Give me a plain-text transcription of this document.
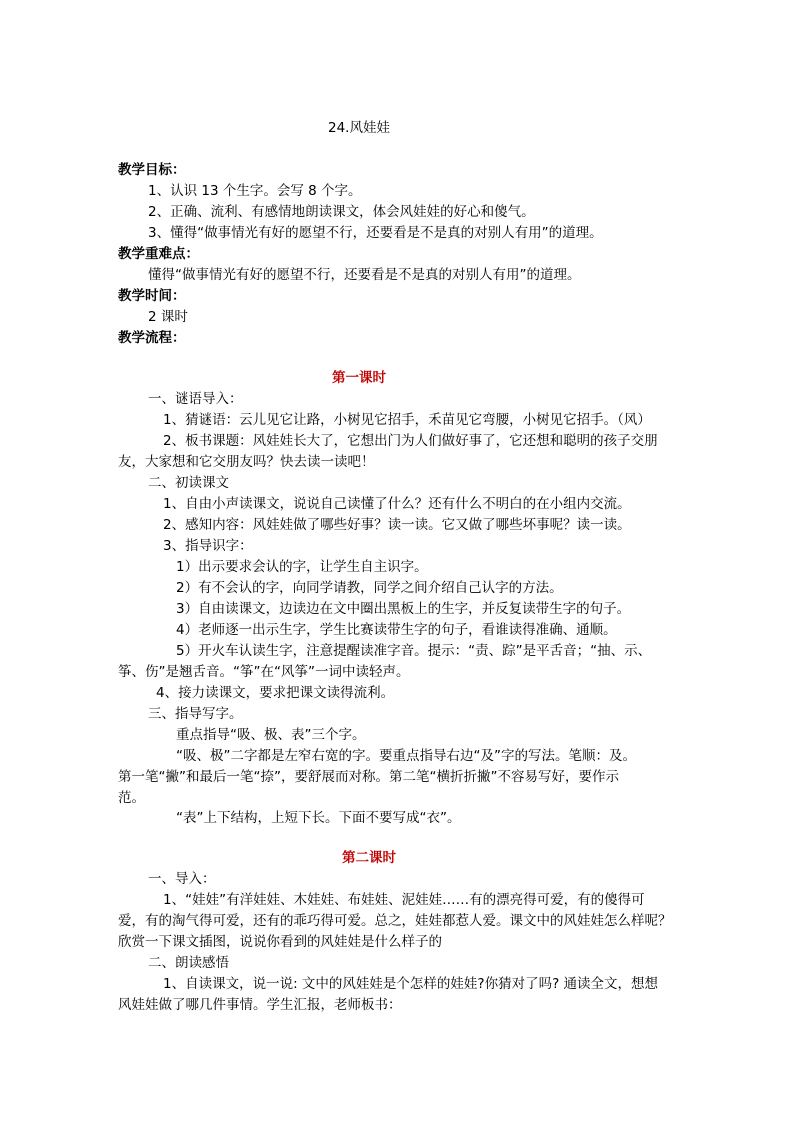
24.风娃娃
教学目标：
1、认识 13 个生字。会写 8 个字。
2、正确、流利、有感情地朗读课文，体会风娃娃的好心和傻气。
3、懂得“做事情光有好的愿望不行，还要看是不是真的对别人有用”的道理。
教学重难点：
懂得“做事情光有好的愿望不行，还要看是不是真的对别人有用”的道理。
教学时间：
2 课时
教学流程：
第一课时
一、谜语导入：
1、猜谜语：云儿见它让路，小树见它招手，禾苗见它弯腰，小树见它招手。（风）
2、板书课题：风娃娃长大了，它想出门为人们做好事了，它还想和聪明的孩子交朋
友，大家想和它交朋友吗？快去读一读吧！
二、初读课文
1、自由小声读课文，说说自己读懂了什么？还有什么不明白的在小组内交流。
2、感知内容：风娃娃做了哪些好事？读一读。它又做了哪些坏事呢？读一读。
3、指导识字：
1）出示要求会认的字，让学生自主识字。
2）有不会认的字，向同学请教，同学之间介绍自己认字的方法。
3）自由读课文，边读边在文中圈出黑板上的生字，并反复读带生字的句子。
4）老师逐一出示生字，学生比赛读带生字的句子，看谁读得准确、通顺。
5）开火车认读生字，注意提醒读准字音。提示：“责、踪”是平舌音；“抽、示、
筝、伤”是翘舌音。“筝”在“风筝”一词中读轻声。
4、接力读课文，要求把课文读得流利。
三、指导写字。
重点指导“吸、极、表”三个字。
“吸、极”二字都是左窄右宽的字。要重点指导右边“及”字的写法。笔顺：及。
第一笔“撇”和最后一笔“捺”，要舒展而对称。第二笔“横折折撇”不容易写好，要作示
范。
“表”上下结构，上短下长。下面不要写成“衣”。
第二课时
一、导入：
1、“娃娃”有洋娃娃、木娃娃、布娃娃、泥娃娃……有的漂亮得可爱，有的傻得可
爱，有的淘气得可爱，还有的乖巧得可爱。总之，娃娃都惹人爱。课文中的风娃娃怎么样呢？
欣赏一下课文插图，说说你看到的风娃娃是什么样子的
二、朗读感悟
1、自读课文，说一说: 文中的风娃娃是个怎样的娃娃?你猜对了吗? 通读全文，想想
风娃娃做了哪几件事情。学生汇报，老师板书：
